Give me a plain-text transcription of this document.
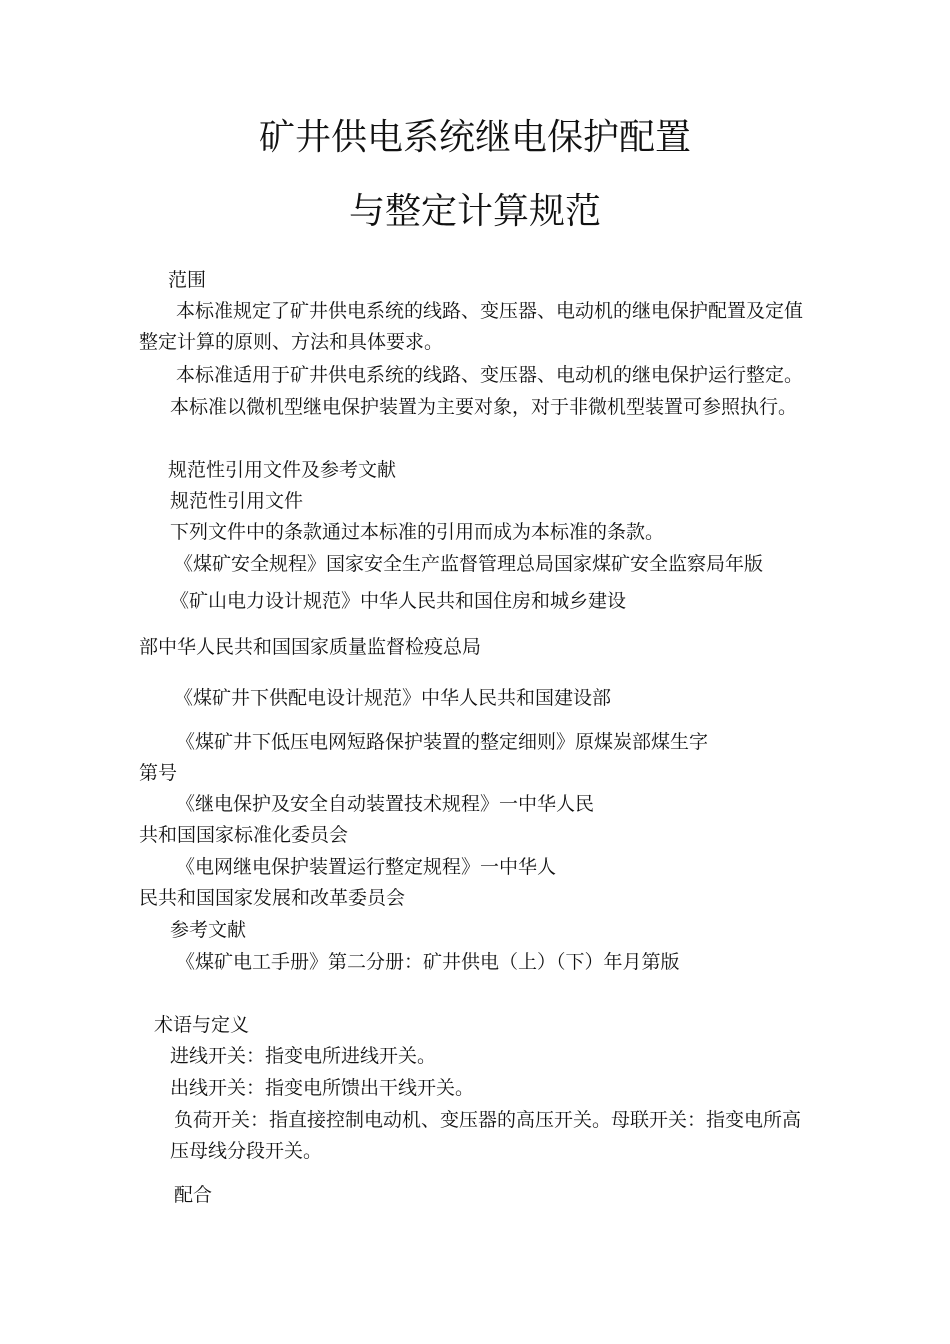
矿井供电系统继电保护配置
与整定计算规范
范围
本标准规定了矿井供电系统的线路、变压器、电动机的继电保护配置及定值
整定计算的原则、方法和具体要求。
本标准适用于矿井供电系统的线路、变压器、电动机的继电保护运行整定。
本标准以微机型继电保护装置为主要对象，对于非微机型装置可参照执行。
规范性引用文件及参考文献
规范性引用文件
下列文件中的条款通过本标准的引用而成为本标准的条款。
《煤矿安全规程》国家安全生产监督管理总局国家煤矿安全监察局年版
《矿山电力设计规范》中华人民共和国住房和城乡建设
部中华人民共和国国家质量监督检疫总局
《煤矿井下供配电设计规范》中华人民共和国建设部
《煤矿井下低压电网短路保护装置的整定细则》原煤炭部煤生字
第号
《继电保护及安全自动装置技术规程》一中华人民
共和国国家标准化委员会
《电网继电保护装置运行整定规程》一中华人
民共和国国家发展和改革委员会
参考文献
《煤矿电工手册》第二分册：矿井供电（上）（下）年月第版
术语与定义
进线开关：指变电所进线开关。
出线开关：指变电所馈出干线开关。
负荷开关：指直接控制电动机、变压器的高压开关。母联开关：指变电所高
压母线分段开关。
配合
